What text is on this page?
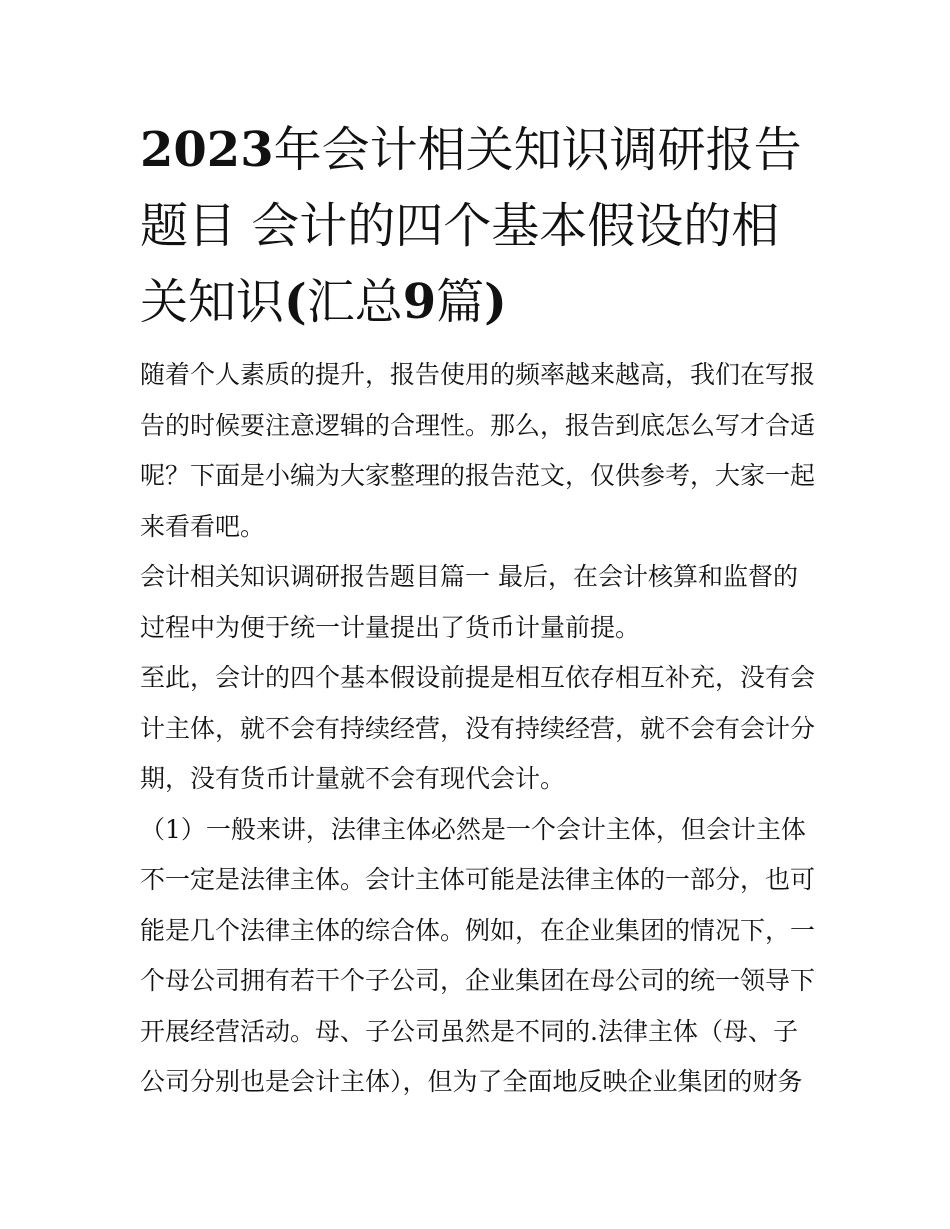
2023年会计相关知识调研报告
题目 会计的四个基本假设的相
关知识(汇总9篇)

随着个人素质的提升，报告使用的频率越来越高，我们在写报
告的时候要注意逻辑的合理性。那么，报告到底怎么写才合适
呢？下面是小编为大家整理的报告范文，仅供参考，大家一起
来看看吧。

会计相关知识调研报告题目篇一 最后，在会计核算和监督的
过程中为便于统一计量提出了货币计量前提。

至此，会计的四个基本假设前提是相互依存相互补充，没有会
计主体，就不会有持续经营，没有持续经营，就不会有会计分
期，没有货币计量就不会有现代会计。

（1）一般来讲，法律主体必然是一个会计主体，但会计主体
不一定是法律主体。会计主体可能是法律主体的一部分，也可
能是几个法律主体的综合体。例如，在企业集团的情况下，一
个母公司拥有若干个子公司，企业集团在母公司的统一领导下
开展经营活动。母、子公司虽然是不同的.法律主体（母、子
公司分别也是会计主体），但为了全面地反映企业集团的财务
